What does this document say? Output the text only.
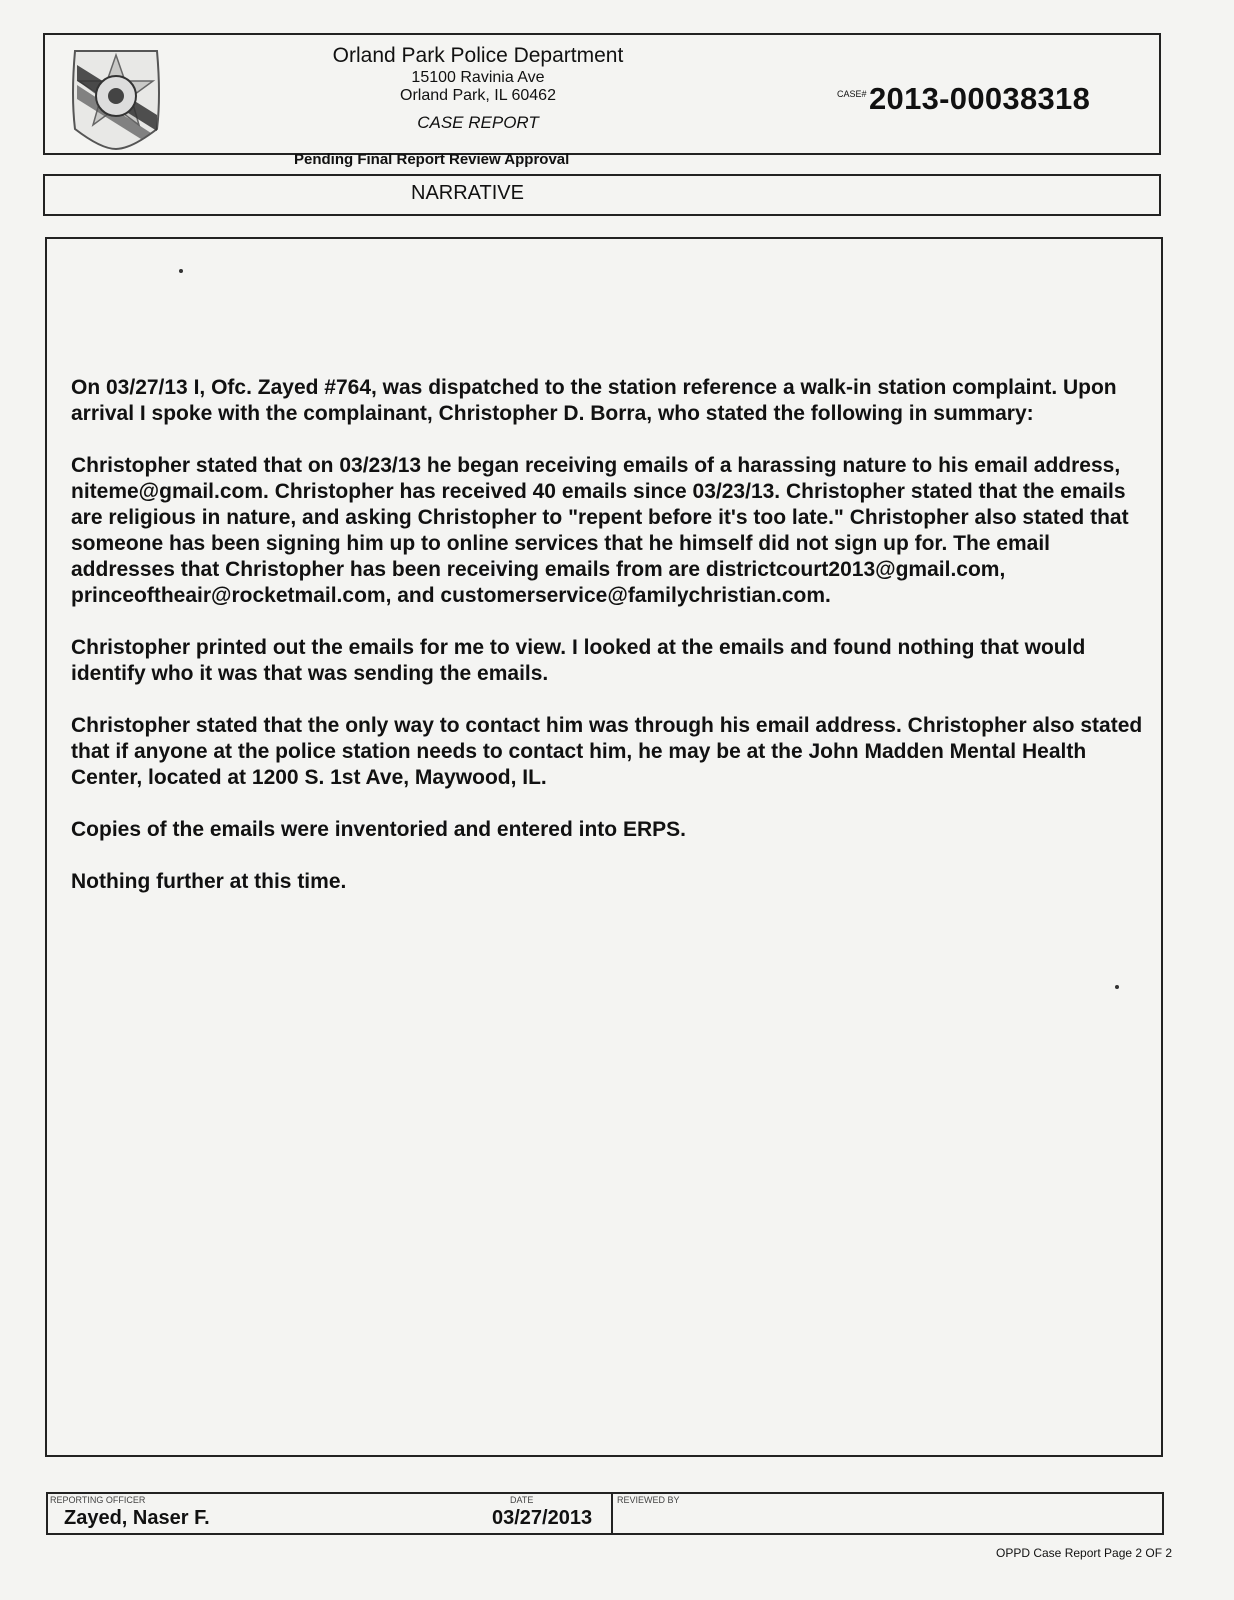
Orland Park Police Department
15100 Ravinia Ave
Orland Park, IL 60462
CASE REPORT
CASE# 2013-00038318
Pending Final Report Review Approval
NARRATIVE

On 03/27/13 I, Ofc. Zayed #764, was dispatched to the station reference a walk-in station complaint. Upon arrival I spoke with the complainant, Christopher D. Borra, who stated the following in summary:

Christopher stated that on 03/23/13 he began receiving emails of a harassing nature to his email address, niteme@gmail.com. Christopher has received 40 emails since 03/23/13. Christopher stated that the emails are religious in nature, and asking Christopher to "repent before it's too late." Christopher also stated that someone has been signing him up to online services that he himself did not sign up for. The email addresses that Christopher has been receiving emails from are districtcourt2013@gmail.com, princeoftheair@rocketmail.com, and customerservice@familychristian.com.

Christopher printed out the emails for me to view. I looked at the emails and found nothing that would identify who it was that was sending the emails.

Christopher stated that the only way to contact him was through his email address. Christopher also stated that if anyone at the police station needs to contact him, he may be at the John Madden Mental Health Center, located at 1200 S. 1st Ave, Maywood, IL.

Copies of the emails were inventoried and entered into ERPS.

Nothing further at this time.

REPORTING OFFICER
Zayed, Naser F.
DATE
03/27/2013
REVIEWED BY
OPPD Case Report Page 2 OF 2
